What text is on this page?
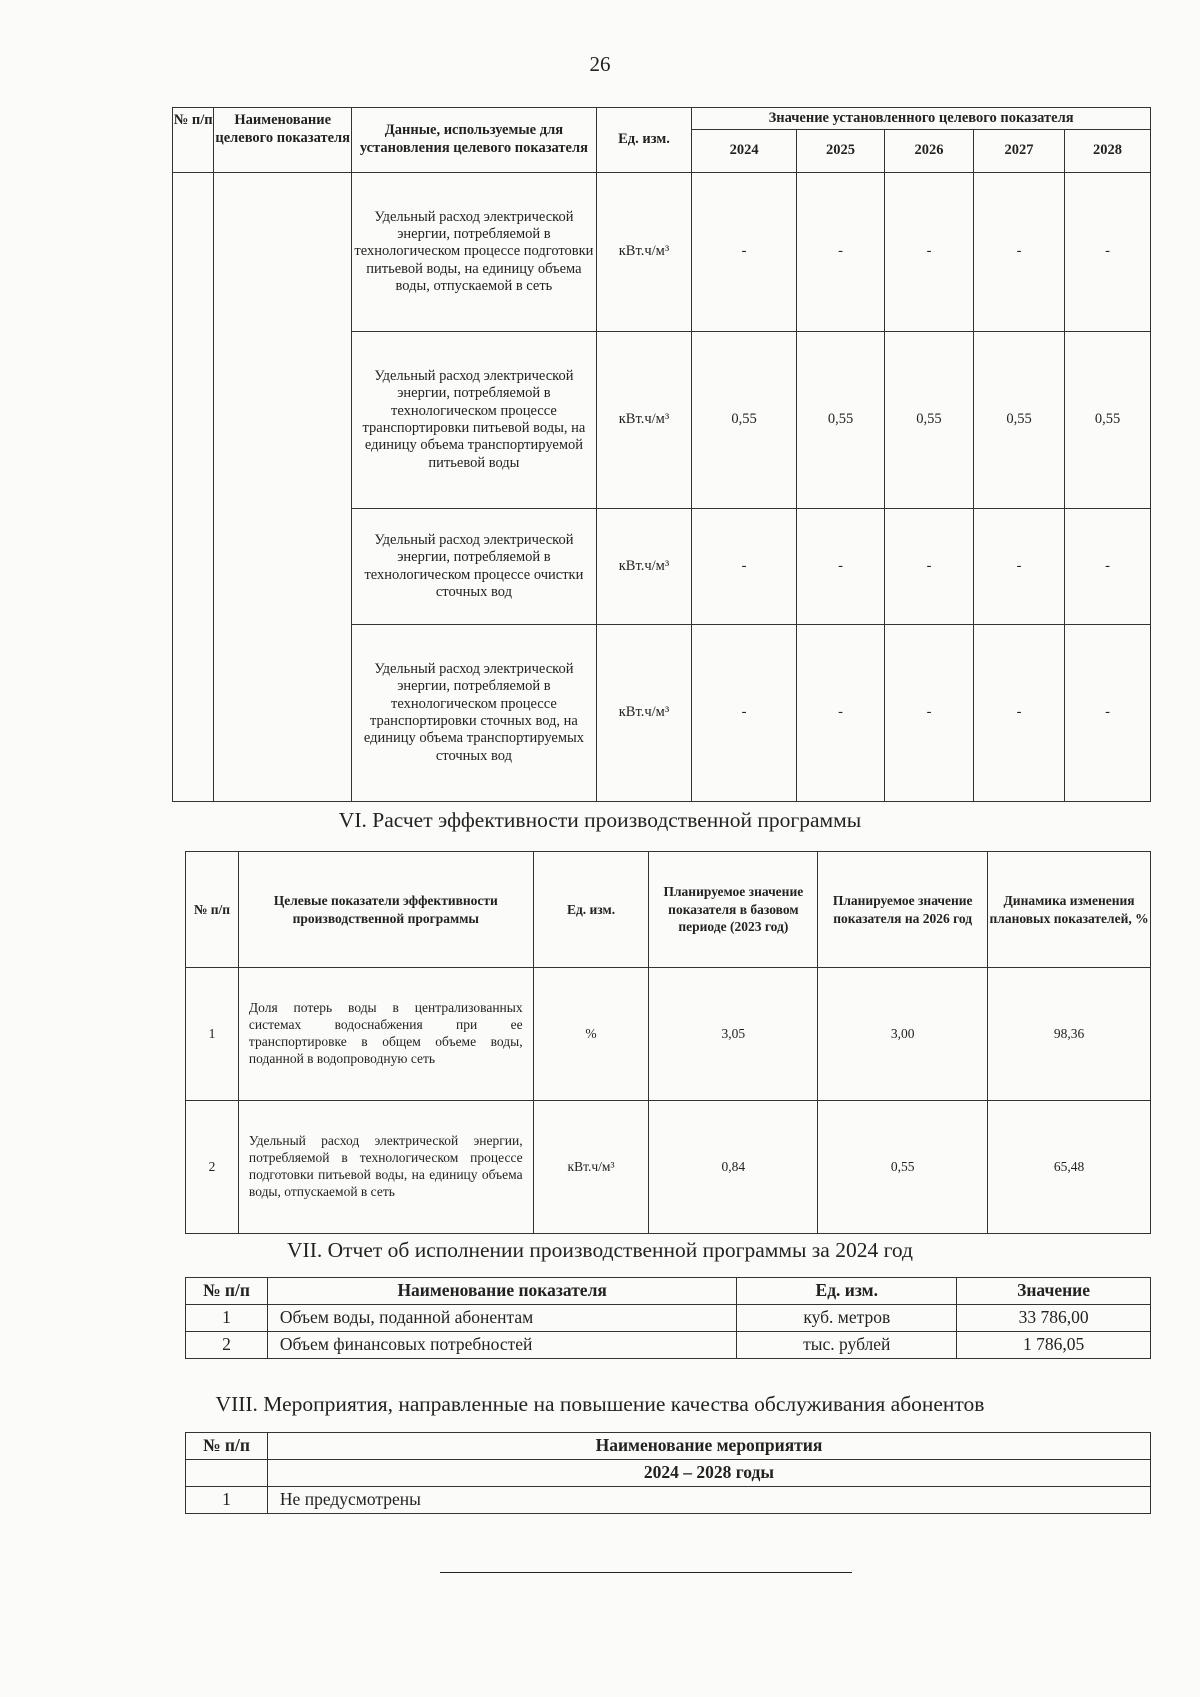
26
№ п/п	Наименование целевого показателя	Данные, используемые для установления целевого показателя	Ед. изм.	Значение установленного целевого показателя				
				2024	2025	2026	2027	2028
		Удельный расход электрической энергии, потребляемой в технологическом процессе подготовки питьевой воды, на единицу объема воды, отпускаемой в сеть	кВт.ч/м³	-	-	-	-	-
		Удельный расход электрической энергии, потребляемой в технологическом процессе транспортировки питьевой воды, на единицу объема транспортируемой питьевой воды	кВт.ч/м³	0,55	0,55	0,55	0,55	0,55
		Удельный расход электрической энергии, потребляемой в технологическом процессе очистки сточных вод	кВт.ч/м³	-	-	-	-	-
		Удельный расход электрической энергии, потребляемой в технологическом процессе транспортировки сточных вод, на единицу объема транспортируемых сточных вод	кВт.ч/м³	-	-	-	-	-
VI. Расчет эффективности производственной программы
№ п/п	Целевые показатели эффективности производственной программы	Ед. изм.	Планируемое значение показателя в базовом периоде (2023 год)	Планируемое значение показателя на 2026 год	Динамика изменения плановых показателей, %
1	Доля потерь воды в централизованных системах водоснабжения при ее транспортировке в общем объеме воды, поданной в водопроводную сеть	%	3,05	3,00	98,36
2	Удельный расход электрической энергии, потребляемой в технологическом процессе подготовки питьевой воды, на единицу объема воды, отпускаемой в сеть	кВт.ч/м³	0,84	0,55	65,48
VII. Отчет об исполнении производственной программы за 2024 год
№ п/п	Наименование показателя	Ед. изм.	Значение
1	Объем воды, поданной абонентам	куб. метров	33 786,00
2	Объем финансовых потребностей	тыс. рублей	1 786,05
VIII. Мероприятия, направленные на повышение качества обслуживания абонентов
№ п/п	Наименование мероприятия
	2024 – 2028 годы
1	Не предусмотрены
